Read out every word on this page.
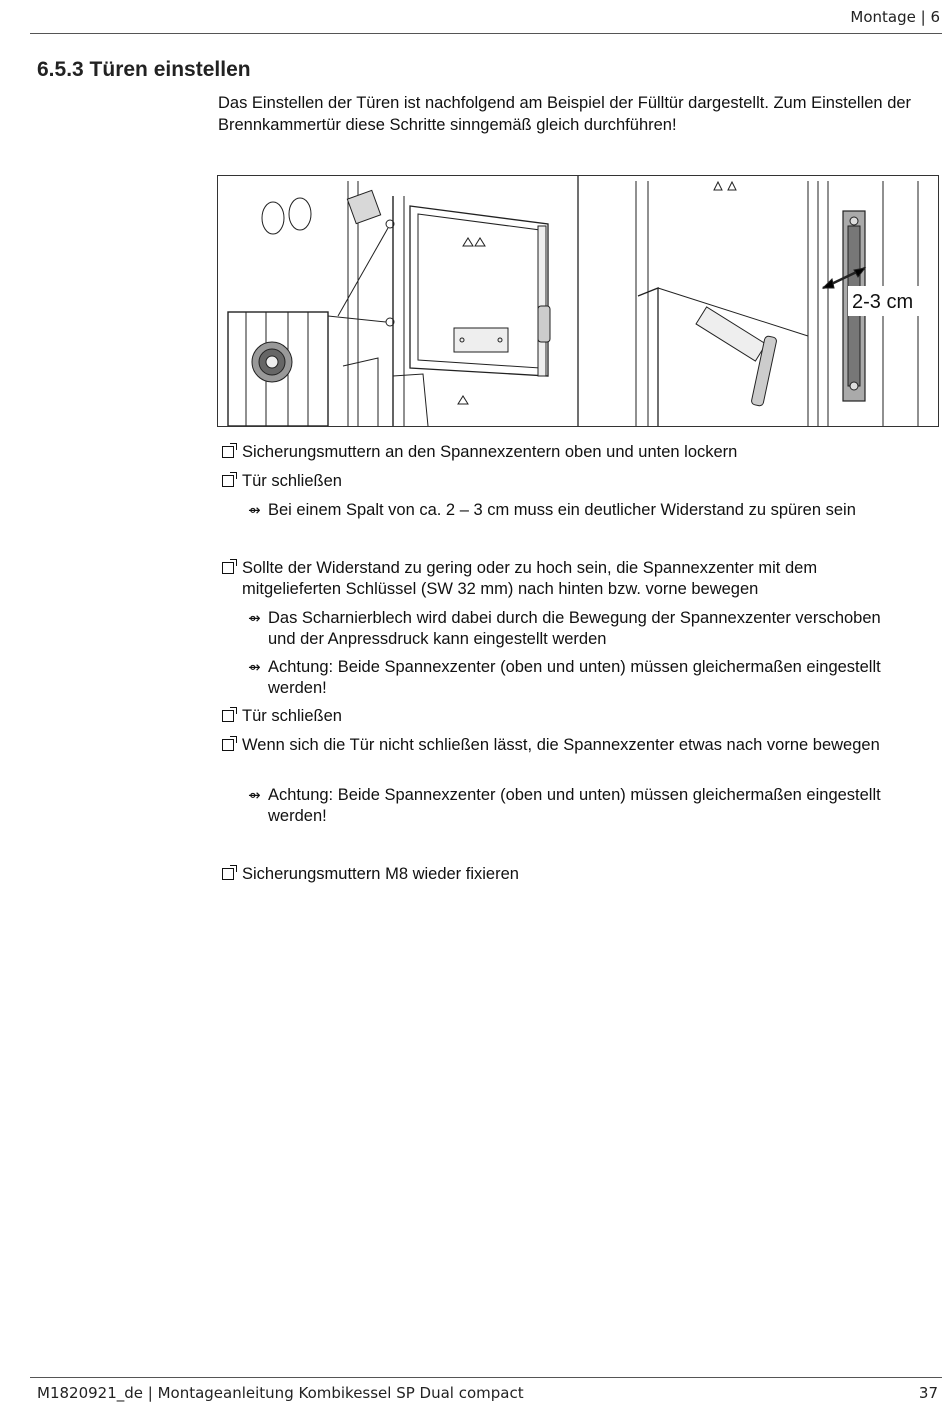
Montage | 6
6.5.3 Türen einstellen

Das Einstellen der Türen ist nachfolgend am Beispiel der Fülltür dargestellt. Zum Einstellen der Brennkammertür diese Schritte sinngemäß gleich durchführen!

2-3 cm
Sicherungsmuttern an den Spannexzentern oben und unten lockern
Tür schließen
⇴ Bei einem Spalt von ca. 2 – 3 cm muss ein deutlicher Widerstand zu spüren sein
Sollte der Widerstand zu gering oder zu hoch sein, die Spannexzenter mit dem mitgelieferten Schlüssel (SW 32 mm) nach hinten bzw. vorne bewegen
⇴ Das Scharnierblech wird dabei durch die Bewegung der Spannexzenter verschoben und der Anpressdruck kann eingestellt werden
⇴ Achtung: Beide Spannexzenter (oben und unten) müssen gleichermaßen eingestellt werden!
Tür schließen
Wenn sich die Tür nicht schließen lässt, die Spannexzenter etwas nach vorne bewegen
⇴ Achtung: Beide Spannexzenter (oben und unten) müssen gleichermaßen eingestellt werden!
Sicherungsmuttern M8 wieder fixieren
M1820921_de | Montageanleitung Kombikessel SP Dual compact	37
